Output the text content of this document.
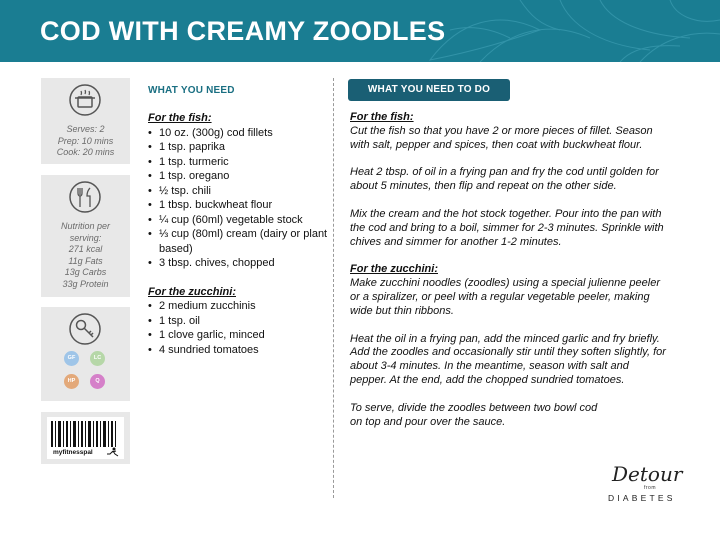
COD WITH CREAMY ZOODLES
Serves: 2
Prep: 10 mins
Cook: 20 mins
Nutrition per
serving:
271 kcal
11g Fats
13g Carbs
33g Protein
GF	LC
HP	Q
myfitnesspal
WHAT YOU NEED

For the fish:

• 10 oz. (300g) cod fillets
• 1 tsp. paprika
• 1 tsp. turmeric
• 1 tsp. oregano
• ½ tsp. chili
• 1 tbsp. buckwheat flour
• ¼ cup (60ml) vegetable stock
• ⅓ cup (80ml) cream (dairy or plant based)
• 3 tbsp. chives, chopped

For the zucchini:

• 2 medium zucchinis
• 1 tsp. oil
• 1 clove garlic, minced
• 4 sundried tomatoes
WHAT YOU NEED TO DO

For the fish:

Cut the fish so that you have 2 or more pieces of fillet. Season with salt, pepper and spices, then coat with buckwheat flour.

Heat 2 tbsp. of oil in a frying pan and fry the cod until golden for about 5 minutes, then flip and repeat on the other side.

Mix the cream and the hot stock together. Pour into the pan with the cod and bring to a boil, simmer for 2-3 minutes. Sprinkle with chives and simmer for another 1-2 minutes.

For the zucchini:

Make zucchini noodles (zoodles) using a special julienne peeler or a spiralizer, or peel with a regular vegetable peeler, making wide but thin ribbons.

Heat the oil in a frying pan, add the minced garlic and fry briefly. Add the zoodles and occasionally stir until they soften slightly, for about 3-4 minutes. In the meantime, season with salt and pepper. At the end, add the chopped sundried tomatoes.

To serve, divide the zoodles between two bowl cod on top and pour over the sauce.

Detour
from
DIABETES
